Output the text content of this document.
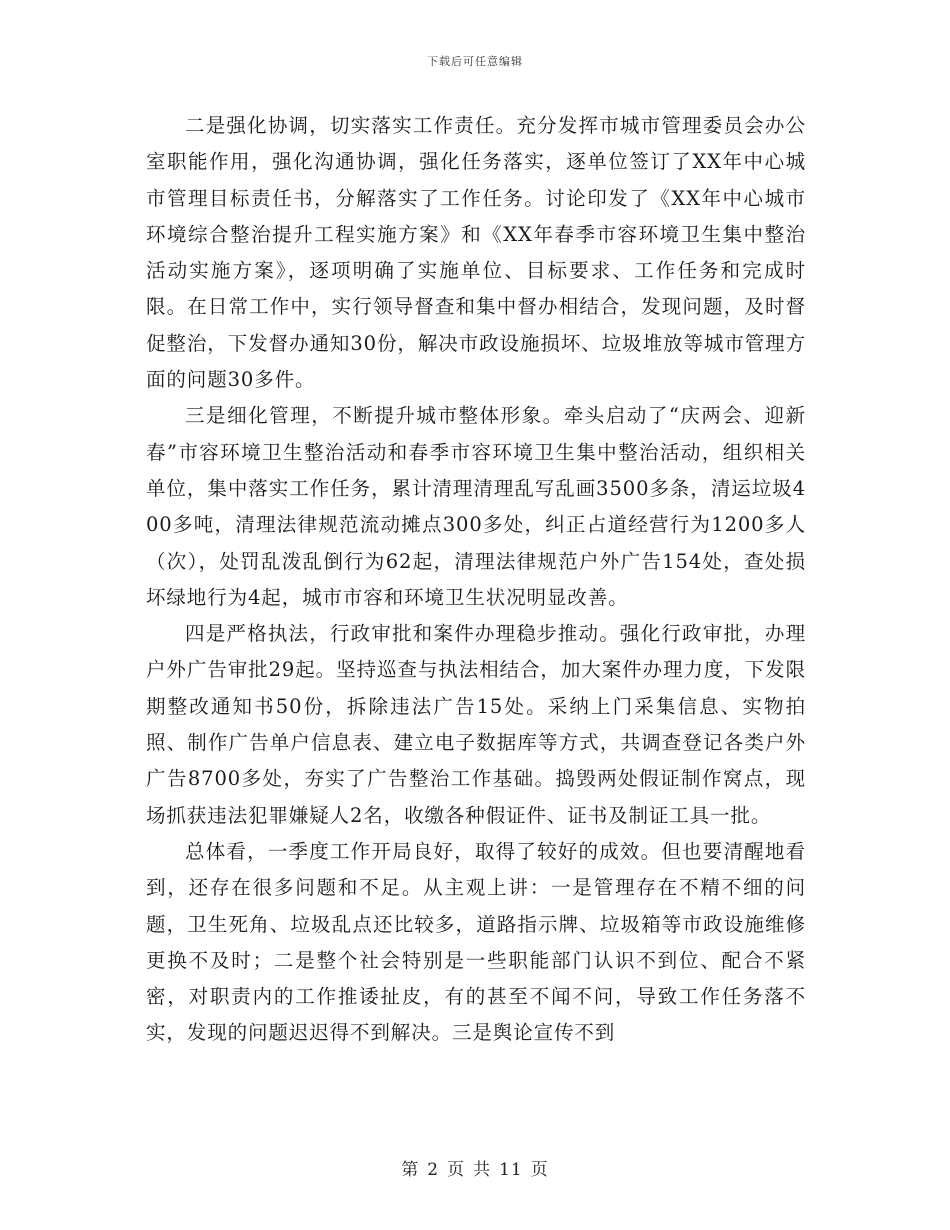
下载后可任意编辑

二是强化协调，切实落实工作责任。充分发挥市城市管理委员会办公室职能作用，强化沟通协调，强化任务落实，逐单位签订了XX年中心城市管理目标责任书，分解落实了工作任务。讨论印发了《XX年中心城市环境综合整治提升工程实施方案》和《XX年春季市容环境卫生集中整治活动实施方案》，逐项明确了实施单位、目标要求、工作任务和完成时限。在日常工作中，实行领导督查和集中督办相结合，发现问题，及时督促整治，下发督办通知30份，解决市政设施损坏、垃圾堆放等城市管理方面的问题30多件。

三是细化管理，不断提升城市整体形象。牵头启动了“庆两会、迎新春”市容环境卫生整治活动和春季市容环境卫生集中整治活动，组织相关单位，集中落实工作任务，累计清理清理乱写乱画3500多条，清运垃圾400多吨，清理法律规范流动摊点300多处，纠正占道经营行为1200多人（次），处罚乱泼乱倒行为62起，清理法律规范户外广告154处，查处损坏绿地行为4起，城市市容和环境卫生状况明显改善。

四是严格执法，行政审批和案件办理稳步推动。强化行政审批，办理户外广告审批29起。坚持巡查与执法相结合，加大案件办理力度，下发限期整改通知书50份，拆除违法广告15处。采纳上门采集信息、实物拍照、制作广告单户信息表、建立电子数据库等方式，共调查登记各类户外广告8700多处，夯实了广告整治工作基础。捣毁两处假证制作窝点，现场抓获违法犯罪嫌疑人2名，收缴各种假证件、证书及制证工具一批。

总体看，一季度工作开局良好，取得了较好的成效。但也要清醒地看到，还存在很多问题和不足。从主观上讲：一是管理存在不精不细的问题，卫生死角、垃圾乱点还比较多，道路指示牌、垃圾箱等市政设施维修更换不及时；二是整个社会特别是一些职能部门认识不到位、配合不紧密，对职责内的工作推诿扯皮，有的甚至不闻不问，导致工作任务落不实，发现的问题迟迟得不到解决。三是舆论宣传不到

第 2 页 共 11 页
